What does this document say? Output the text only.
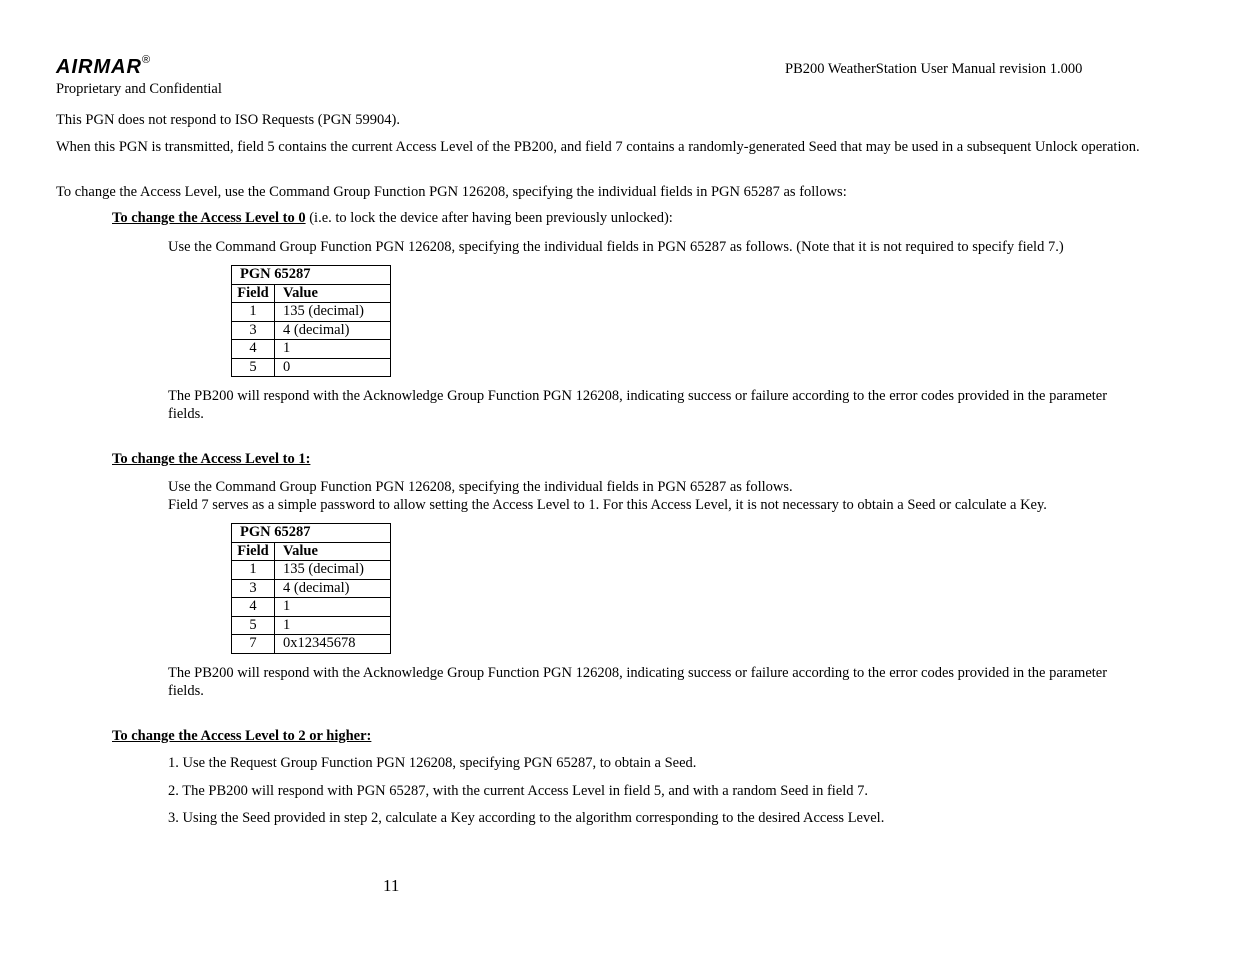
AIRMAR®
PB200 WeatherStation User Manual revision 1.000
Proprietary and Confidential
This PGN does not respond to ISO Requests (PGN 59904).
When this PGN is transmitted, field 5 contains the current Access Level of the PB200, and field 7 contains a randomly-generated Seed that may be used in a subsequent Unlock operation.
To change the Access Level, use the Command Group Function PGN 126208, specifying the individual fields in PGN 65287 as follows:
To change the Access Level to 0 (i.e. to lock the device after having been previously unlocked):
Use the Command Group Function PGN 126208, specifying the individual fields in PGN 65287 as follows. (Note that it is not required to specify field 7.)
PGN 65287	
Field	Value
1	135 (decimal)
3	4 (decimal)
4	1
5	0
The PB200 will respond with the Acknowledge Group Function PGN 126208, indicating success or failure according to the error codes provided in the parameter fields.
To change the Access Level to 1:
Use the Command Group Function PGN 126208, specifying the individual fields in PGN 65287 as follows.
Field 7 serves as a simple password to allow setting the Access Level to 1. For this Access Level, it is not necessary to obtain a Seed or calculate a Key.
PGN 65287	
Field	Value
1	135 (decimal)
3	4 (decimal)
4	1
5	1
7	0x12345678
The PB200 will respond with the Acknowledge Group Function PGN 126208, indicating success or failure according to the error codes provided in the parameter fields.
To change the Access Level to 2 or higher:
1. Use the Request Group Function PGN 126208, specifying PGN 65287, to obtain a Seed.
2. The PB200 will respond with PGN 65287, with the current Access Level in field 5, and with a random Seed in field 7.
3. Using the Seed provided in step 2, calculate a Key according to the algorithm corresponding to the desired Access Level.
11
